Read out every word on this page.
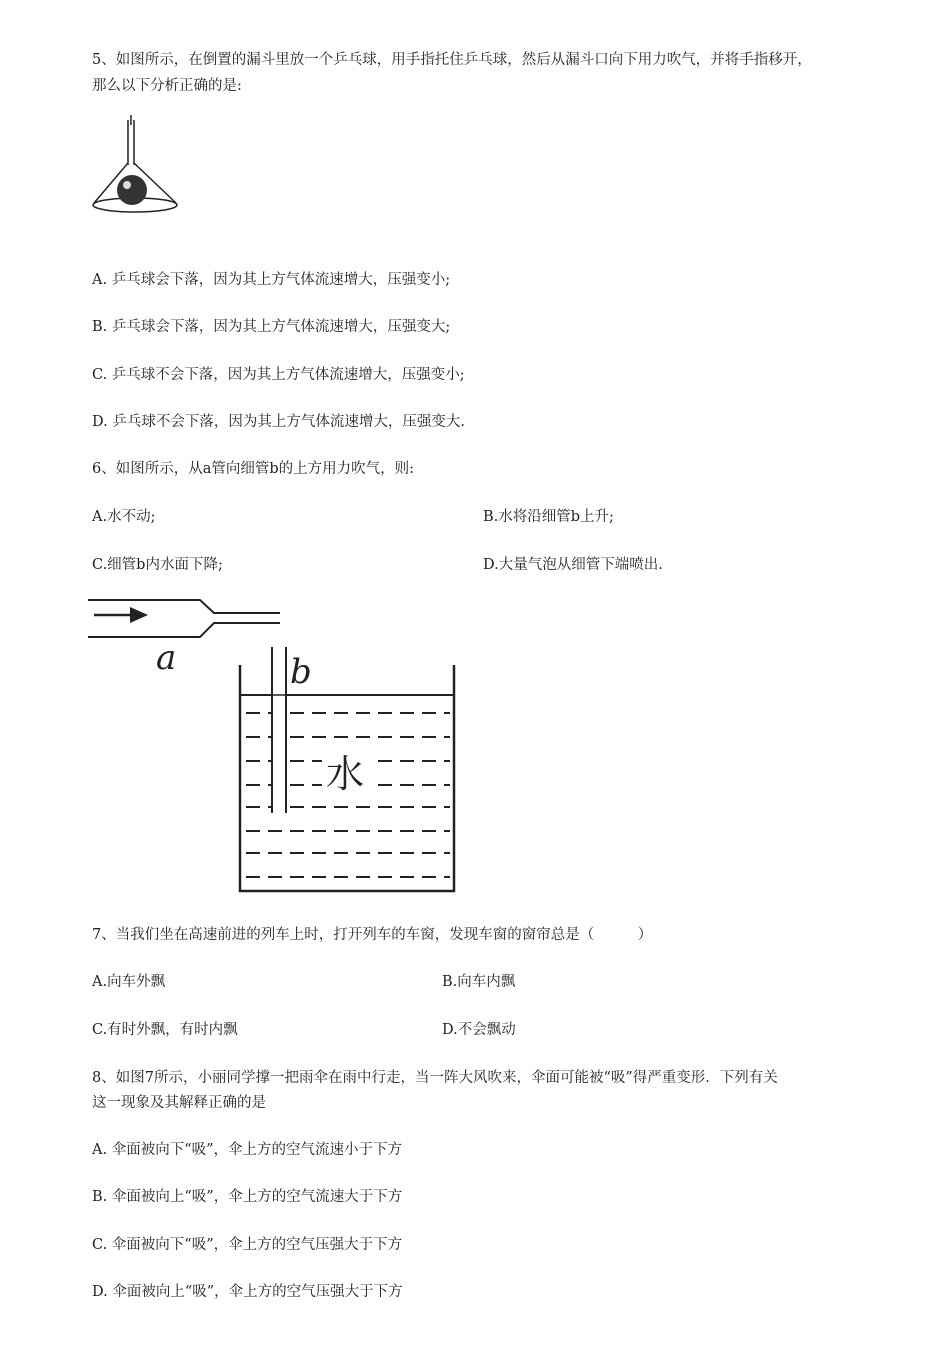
5、如图所示，在倒置的漏斗里放一个乒乓球，用手指托住乒乓球，然后从漏斗口向下用力吹气，并将手指移开，
那么以下分析正确的是:
A. 乒乓球会下落，因为其上方气体流速增大，压强变小;
B. 乒乓球会下落，因为其上方气体流速增大，压强变大;
C. 乒乓球不会下落，因为其上方气体流速增大，压强变小;
D. 乒乓球不会下落，因为其上方气体流速增大，压强变大.
6、如图所示，从a管向细管b的上方用力吹气，则:
A.水不动;	B.水将沿细管b上升;
C.细管b内水面下降;	D.大量气泡从细管下端喷出.
a	b
水
7、当我们坐在高速前进的列车上时，打开列车的车窗，发现车窗的窗帘总是（　　　）
A.向车外飘	B.向车内飘
C.有时外飘，有时内飘	D.不会飘动
8、如图7所示，小丽同学撑一把雨伞在雨中行走，当一阵大风吹来，伞面可能被“吸”得严重变形．下列有关
这一现象及其解释正确的是
A. 伞面被向下“吸”，伞上方的空气流速小于下方
B. 伞面被向上“吸”，伞上方的空气流速大于下方
C. 伞面被向下“吸”，伞上方的空气压强大于下方
D. 伞面被向上“吸”，伞上方的空气压强大于下方
